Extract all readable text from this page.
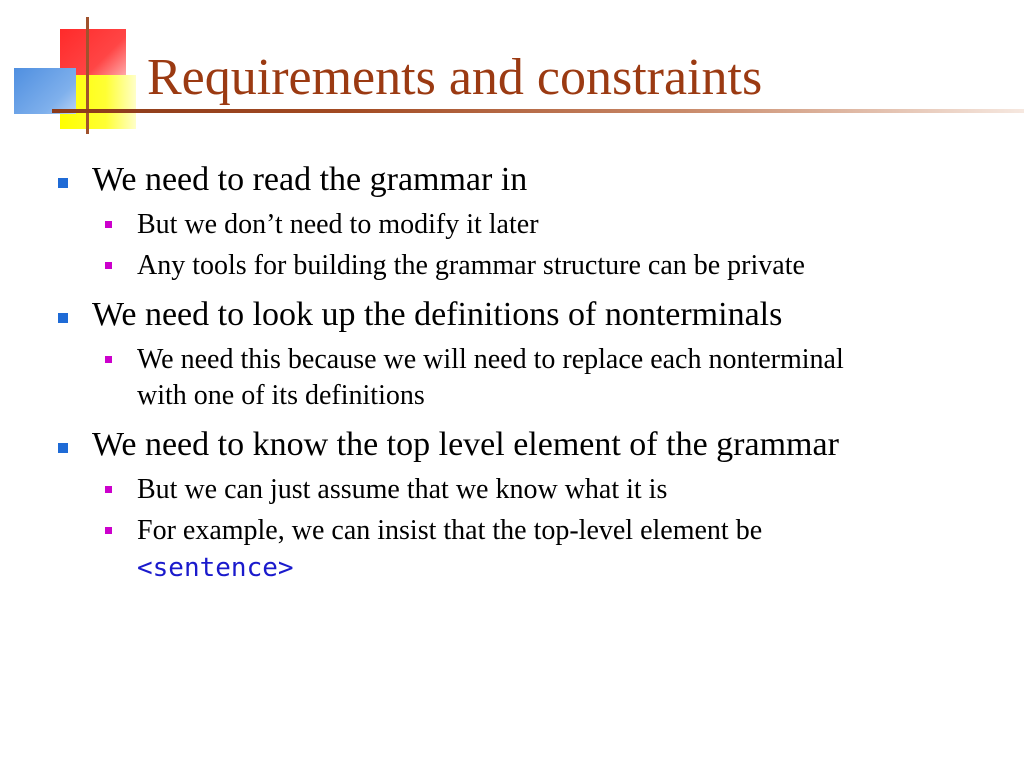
Requirements and constraints
We need to read the grammar in
But we don’t need to modify it later
Any tools for building the grammar structure can be private
We need to look up the definitions of nonterminals
We need this because we will need to replace each nonterminal with one of its definitions
We need to know the top level element of the grammar
But we can just assume that we know what it is
For example, we can insist that the top-level element be
<sentence>
